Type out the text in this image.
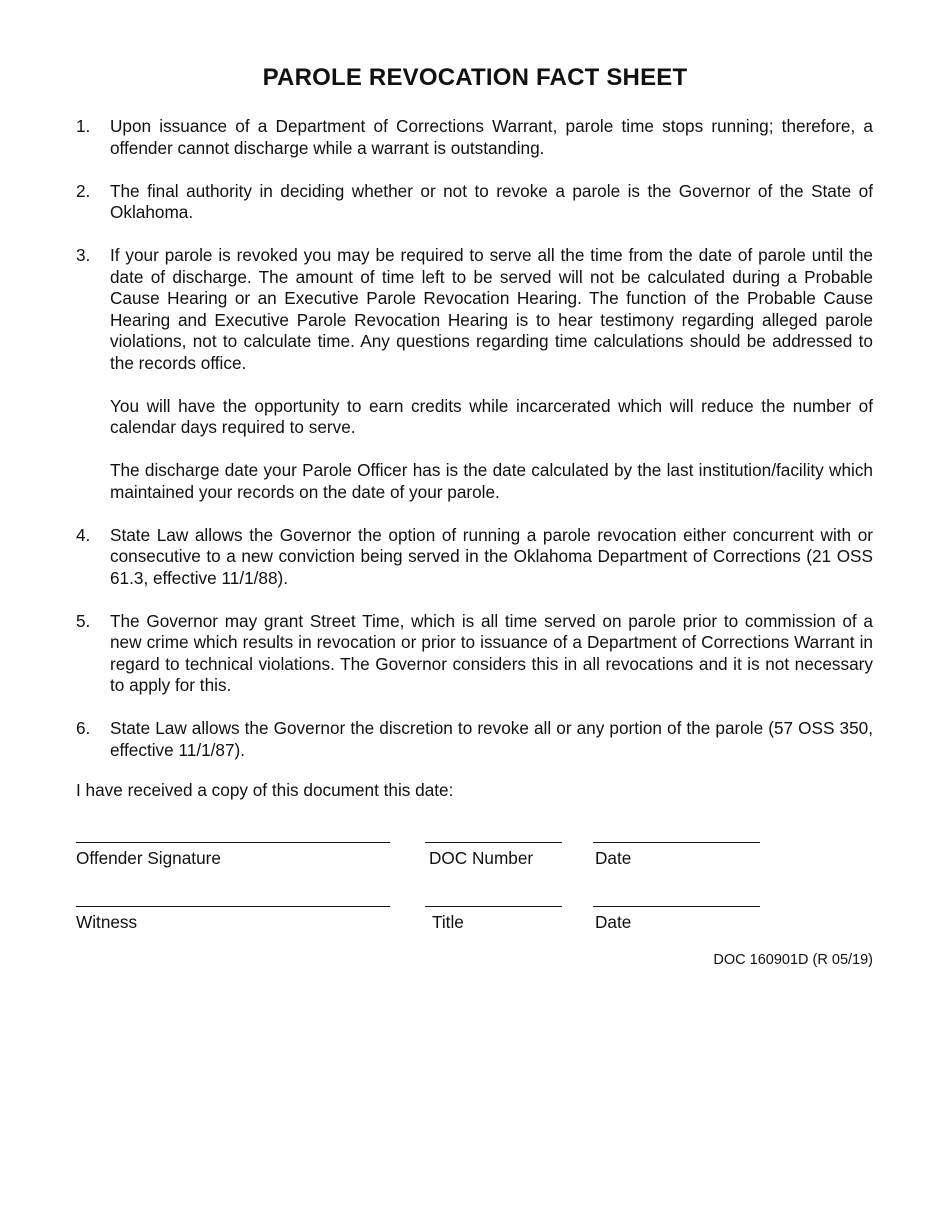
PAROLE REVOCATION FACT SHEET
1. Upon issuance of a Department of Corrections Warrant, parole time stops running; therefore, a offender cannot discharge while a warrant is outstanding.

2. The final authority in deciding whether or not to revoke a parole is the Governor of the State of Oklahoma.

3. If your parole is revoked you may be required to serve all the time from the date of parole until the date of discharge. The amount of time left to be served will not be calculated during a Probable Cause Hearing or an Executive Parole Revocation Hearing. The function of the Probable Cause Hearing and Executive Parole Revocation Hearing is to hear testimony regarding alleged parole violations, not to calculate time. Any questions regarding time calculations should be addressed to the records office.

You will have the opportunity to earn credits while incarcerated which will reduce the number of calendar days required to serve.

The discharge date your Parole Officer has is the date calculated by the last institution/facility which maintained your records on the date of your parole.

4. State Law allows the Governor the option of running a parole revocation either concurrent with or consecutive to a new conviction being served in the Oklahoma Department of Corrections (21 OSS 61.3, effective 11/1/88).

5. The Governor may grant Street Time, which is all time served on parole prior to commission of a new crime which results in revocation or prior to issuance of a Department of Corrections Warrant in regard to technical violations. The Governor considers this in all revocations and it is not necessary to apply for this.

6. State Law allows the Governor the discretion to revoke all or any portion of the parole (57 OSS 350, effective 11/1/87).

I have received a copy of this document this date:
Offender Signature	DOC Number	Date
Witness	Title	Date
DOC 160901D (R 05/19)
